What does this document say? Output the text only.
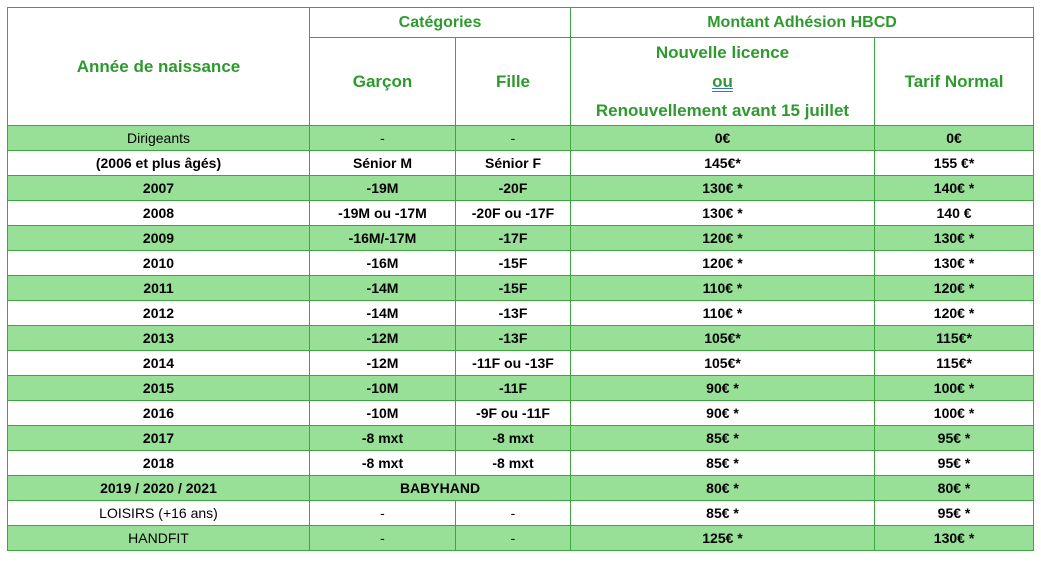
Année de naissance	Catégories		Montant Adhésion HBCD	
	Garçon	Fille	Nouvelle licence
ou
Renouvellement avant 15 juillet	Tarif Normal
Dirigeants	-	-	0€	0€
(2006 et plus âgés)	Sénior M	Sénior F	145€*	155 €*
2007	-19M	-20F	130€ *	140€ *
2008	-19M ou -17M	-20F ou -17F	130€ *	140 €
2009	-16M/-17M	-17F	120€ *	130€ *
2010	-16M	-15F	120€ *	130€ *
2011	-14M	-15F	110€ *	120€ *
2012	-14M	-13F	110€ *	120€ *
2013	-12M	-13F	105€*	115€*
2014	-12M	-11F ou -13F	105€*	115€*
2015	-10M	-11F	90€ *	100€ *
2016	-10M	-9F ou -11F	90€ *	100€ *
2017	-8 mxt	-8 mxt	85€ *	95€ *
2018	-8 mxt	-8 mxt	85€ *	95€ *
2019 / 2020 / 2021	BABYHAND		80€ *	80€ *
LOISIRS (+16 ans)	-	-	85€ *	95€ *
HANDFIT	-	-	125€ *	130€ *
